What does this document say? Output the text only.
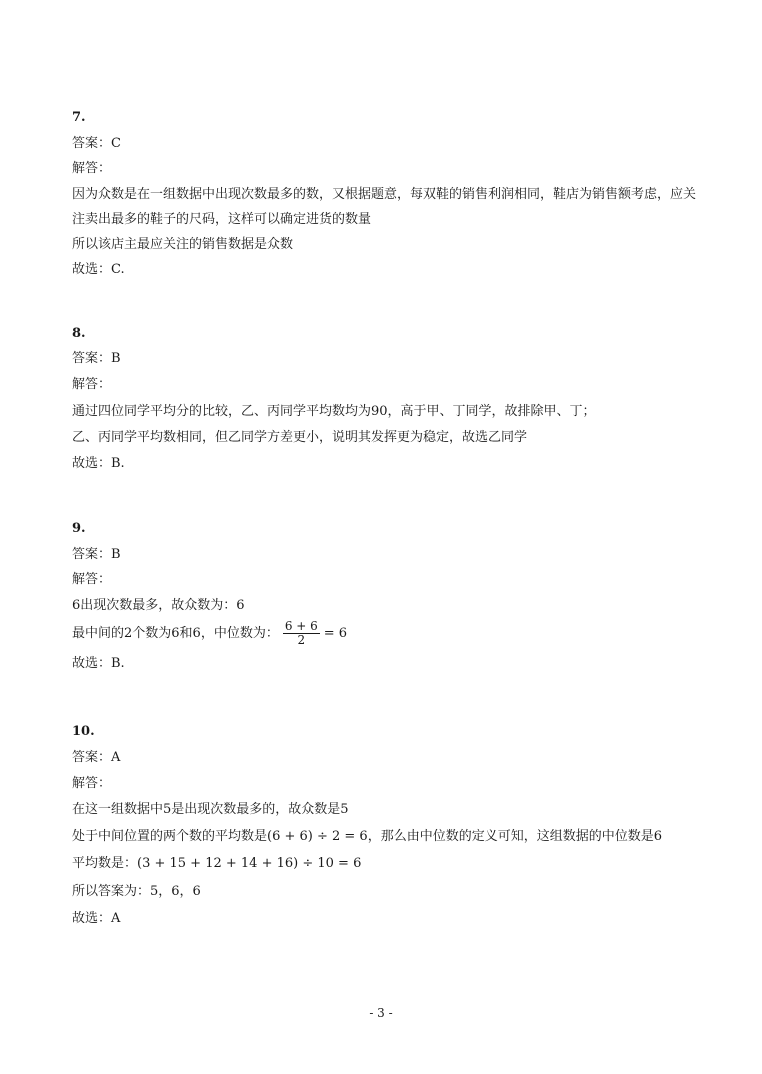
7.
答案：C
解答：
因为众数是在一组数据中出现次数最多的数，又根据题意，每双鞋的销售利润相同，鞋店为销售额考虑，应关
注卖出最多的鞋子的尺码，这样可以确定进货的数量
所以该店主最应关注的销售数据是众数
故选：C.
8.
答案：B
解答：
通过四位同学平均分的比较，乙、丙同学平均数均为90，高于甲、丁同学，故排除甲、丁；
乙、丙同学平均数相同，但乙同学方差更小，说明其发挥更为稳定，故选乙同学
故选：B.
9.
答案：B
解答：
6出现次数最多，故众数为：6
最中间的2个数为6和6，中位数为： $\frac{6 + 6}{2} = 6$
故选：B.
10.
答案：A
解答：
在这一组数据中5是出现次数最多的，故众数是5
处于中间位置的两个数的平均数是(6 + 6) ÷ 2 = 6，那么由中位数的定义可知，这组数据的中位数是6
平均数是：(3 + 15 + 12 + 14 + 16) ÷ 10 = 6
所以答案为：5，6，6
故选：A
- 3 -
